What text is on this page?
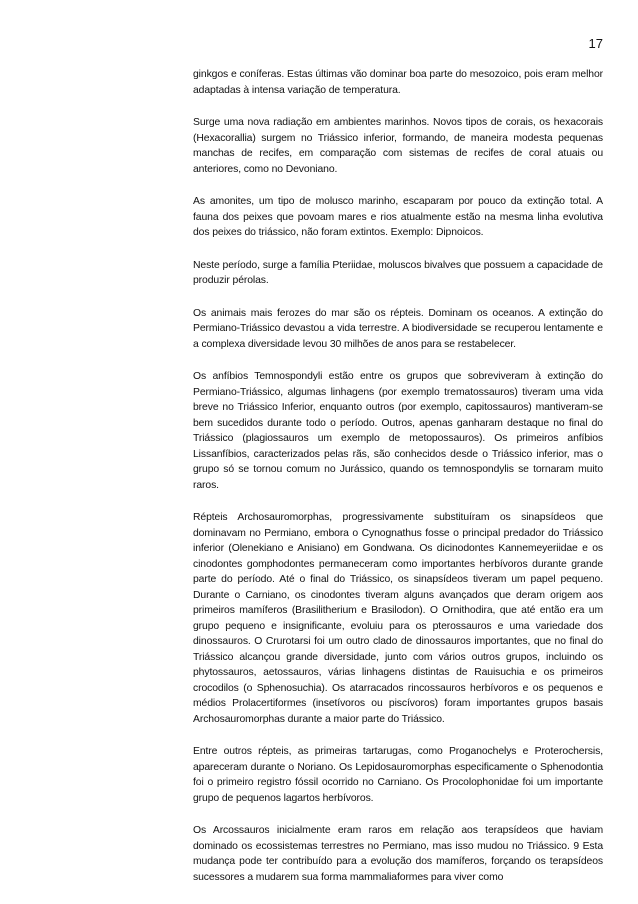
17

ginkgos e coníferas. Estas últimas vão dominar boa parte do mesozoico, pois eram melhor adaptadas à intensa variação de temperatura.

Surge uma nova radiação em ambientes marinhos. Novos tipos de corais, os hexacorais (Hexacorallia) surgem no Triássico inferior, formando, de maneira modesta pequenas manchas de recifes, em comparação com sistemas de recifes de coral atuais ou anteriores, como no Devoniano.

As amonites, um tipo de molusco marinho, escaparam por pouco da extinção total. A fauna dos peixes que povoam mares e rios atualmente estão na mesma linha evolutiva dos peixes do triássico, não foram extintos. Exemplo: Dipnoicos.

Neste período, surge a família Pteriidae, moluscos bivalves que possuem a capacidade de produzir pérolas.

Os animais mais ferozes do mar são os répteis. Dominam os oceanos. A extinção do Permiano-Triássico devastou a vida terrestre. A biodiversidade se recuperou lentamente e a complexa diversidade levou 30 milhões de anos para se restabelecer.

Os anfíbios Temnospondyli estão entre os grupos que sobreviveram à extinção do Permiano-Triássico, algumas linhagens (por exemplo trematossauros) tiveram uma vida breve no Triássico Inferior, enquanto outros (por exemplo, capitossauros) mantiveram-se bem sucedidos durante todo o período. Outros, apenas ganharam destaque no final do Triássico (plagiossauros um exemplo de metopossauros). Os primeiros anfíbios Lissanfíbios, caracterizados pelas rãs, são conhecidos desde o Triássico inferior, mas o grupo só se tornou comum no Jurássico, quando os temnospondylis se tornaram muito raros.

Répteis Archosauromorphas, progressivamente substituíram os sinapsídeos que dominavam no Permiano, embora o Cynognathus fosse o principal predador do Triássico inferior (Olenekiano e Anisiano) em Gondwana. Os dicinodontes Kannemeyeriidae e os cinodontes gomphodontes permaneceram como importantes herbívoros durante grande parte do período. Até o final do Triássico, os sinapsídeos tiveram um papel pequeno. Durante o Carniano, os cinodontes tiveram alguns avançados que deram origem aos primeiros mamíferos (Brasilitherium e Brasilodon). O Ornithodira, que até então era um grupo pequeno e insignificante, evoluiu para os pterossauros e uma variedade dos dinossauros. O Crurotarsi foi um outro clado de dinossauros importantes, que no final do Triássico alcançou grande diversidade, junto com vários outros grupos, incluindo os phytossauros, aetossauros, várias linhagens distintas de Rauisuchia e os primeiros crocodilos (o Sphenosuchia). Os atarracados rincossauros herbívoros e os pequenos e médios Prolacertiformes (insetívoros ou piscívoros) foram importantes grupos basais Archosauromorphas durante a maior parte do Triássico.

Entre outros répteis, as primeiras tartarugas, como Proganochelys e Proterochersis, apareceram durante o Noriano. Os Lepidosauromorphas especificamente o Sphenodontia foi o primeiro registro fóssil ocorrido no Carniano. Os Procolophonidae foi um importante grupo de pequenos lagartos herbívoros.

Os Arcossauros inicialmente eram raros em relação aos terapsídeos que haviam dominado os ecossistemas terrestres no Permiano, mas isso mudou no Triássico. 9 Esta mudança pode ter contribuído para a evolução dos mamíferos, forçando os terapsídeos sucessores a mudarem sua forma mammaliaformes para viver como
